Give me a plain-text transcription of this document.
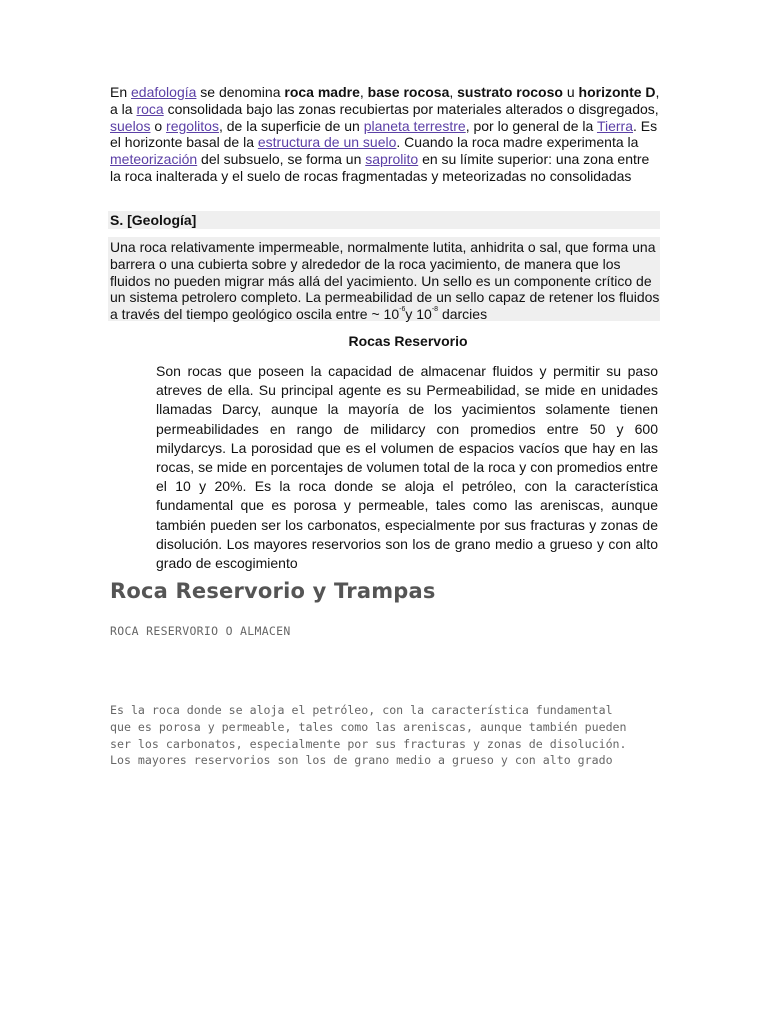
En edafología se denomina roca madre, base rocosa, sustrato rocoso u horizonte D, a la roca consolidada bajo las zonas recubiertas por materiales alterados o disgregados, suelos o regolitos, de la superficie de un planeta terrestre, por lo general de la Tierra. Es el horizonte basal de la estructura de un suelo. Cuando la roca madre experimenta la meteorización del subsuelo, se forma un saprolito en su límite superior: una zona entre la roca inalterada y el suelo de rocas fragmentadas y meteorizadas no consolidadas

S. [Geología]

Una roca relativamente impermeable, normalmente lutita, anhidrita o sal, que forma una barrera o una cubierta sobre y alrededor de la roca yacimiento, de manera que los fluidos no pueden migrar más allá del yacimiento. Un sello es un componente crítico de un sistema petrolero completo. La permeabilidad de un sello capaz de retener los fluidos a través del tiempo geológico oscila entre ~ $10^{-6}y$ $10^{-8}$ darcies

Rocas Reservorio

Son rocas que poseen la capacidad de almacenar fluidos y permitir su paso atreves de ella. Su principal agente es su Permeabilidad, se mide en unidades llamadas Darcy, aunque la mayoría de los yacimientos solamente tienen permeabilidades en rango de milidarcy con promedios entre 50 y 600 milydarcys. La porosidad que es el volumen de espacios vacíos que hay en las rocas, se mide en porcentajes de volumen total de la roca y con promedios entre el 10 y 20%. Es la roca donde se aloja el petróleo, con la característica fundamental que es porosa y permeable, tales como las areniscas, aunque también pueden ser los carbonatos, especialmente por sus fracturas y zonas de disolución. Los mayores reservorios son los de grano medio a grueso y con alto grado de escogimiento

Roca Reservorio y Trampas
ROCA RESERVORIO O ALMACEN

Es la roca donde se aloja el petróleo, con la característica fundamental que es porosa y permeable, tales como las areniscas, aunque también pueden ser los carbonatos, especialmente por sus fracturas y zonas de disolución. Los mayores reservorios son los de grano medio a grueso y con alto grado
